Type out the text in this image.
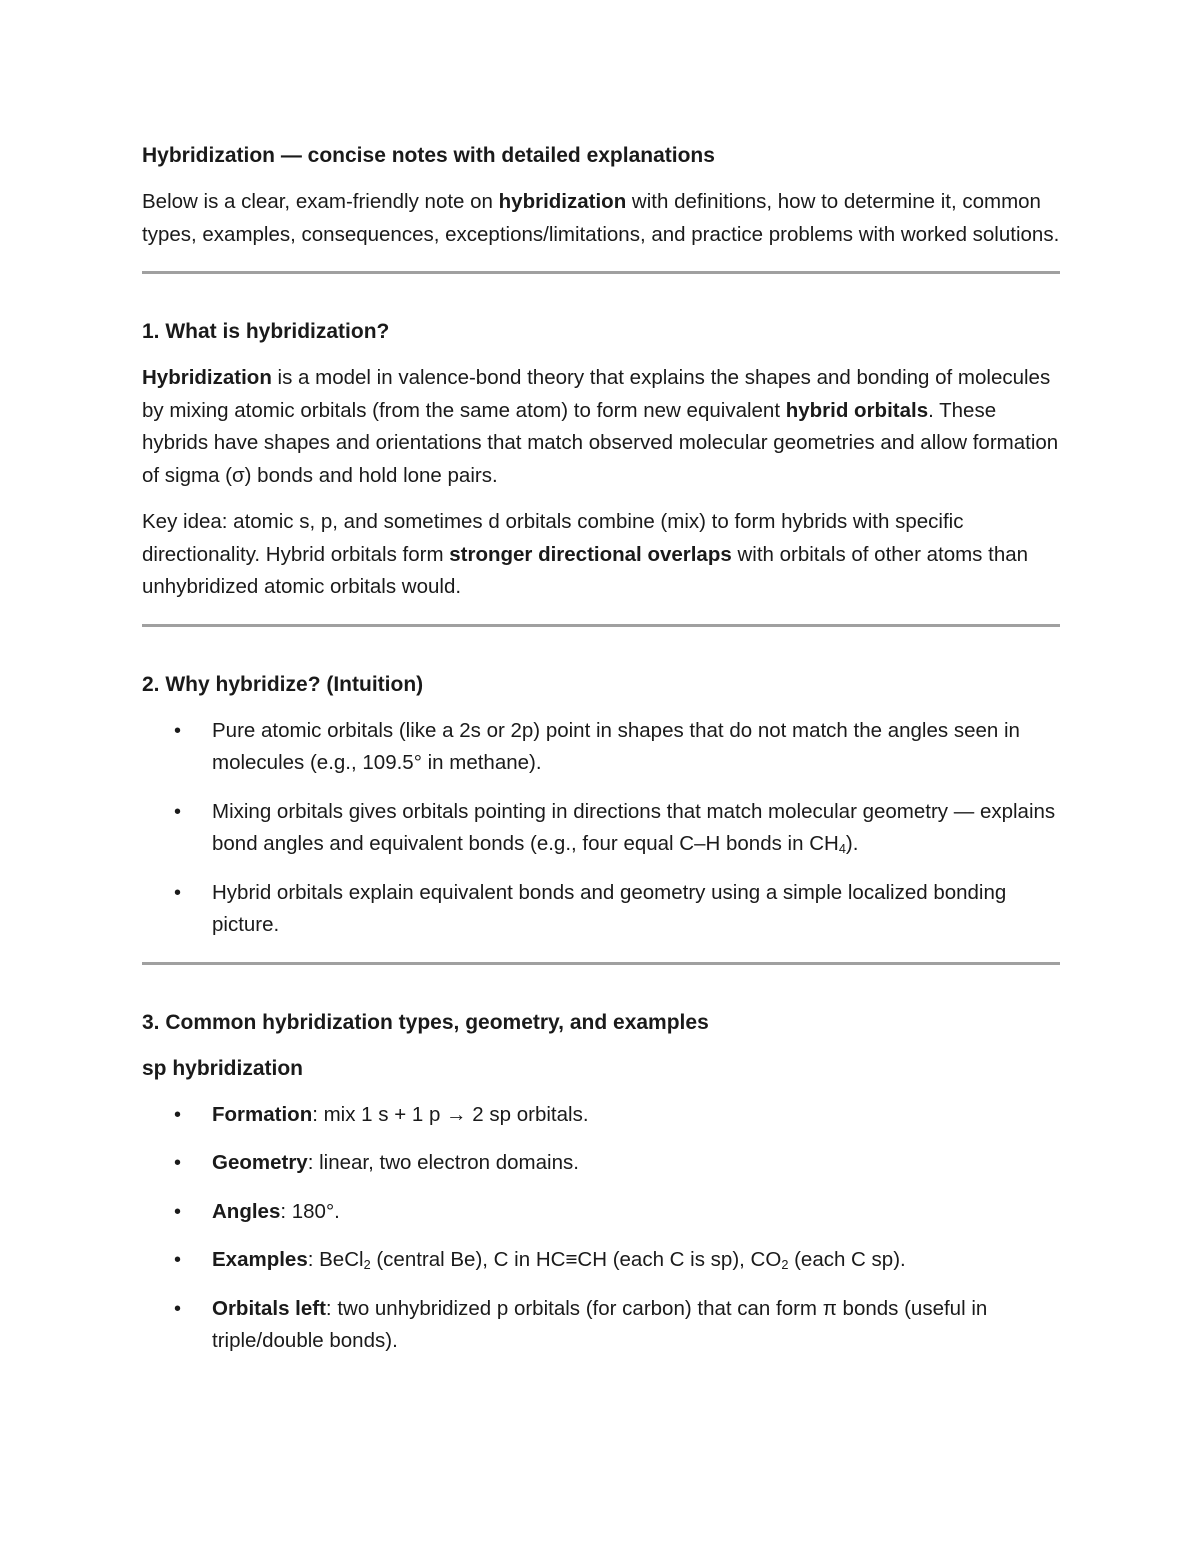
Hybridization — concise notes with detailed explanations

Below is a clear, exam-friendly note on hybridization with definitions, how to determine it, common types, examples, consequences, exceptions/limitations, and practice problems with worked solutions.

1. What is hybridization?

Hybridization is a model in valence-bond theory that explains the shapes and bonding of molecules by mixing atomic orbitals (from the same atom) to form new equivalent hybrid orbitals. These hybrids have shapes and orientations that match observed molecular geometries and allow formation of sigma (σ) bonds and hold lone pairs.

Key idea: atomic s, p, and sometimes d orbitals combine (mix) to form hybrids with specific directionality. Hybrid orbitals form stronger directional overlaps with orbitals of other atoms than unhybridized atomic orbitals would.

2. Why hybridize? (Intuition)
• Pure atomic orbitals (like a 2s or 2p) point in shapes that do not match the angles seen in molecules (e.g., 109.5° in methane).
• Mixing orbitals gives orbitals pointing in directions that match molecular geometry — explains bond angles and equivalent bonds (e.g., four equal C–H bonds in $CH_4$).
• Hybrid orbitals explain equivalent bonds and geometry using a simple localized bonding picture.
3. Common hybridization types, geometry, and examples
sp hybridization
• Formation: mix 1 s + 1 p → 2 sp orbitals.
• Geometry: linear, two electron domains.
• Angles: 180°.
• Examples: BeCl$_2$ (central Be), C in HC≡CH (each C is sp), $CO_2$ (each C sp).
• Orbitals left: two unhybridized p orbitals (for carbon) that can form π bonds (useful in triple/double bonds).
